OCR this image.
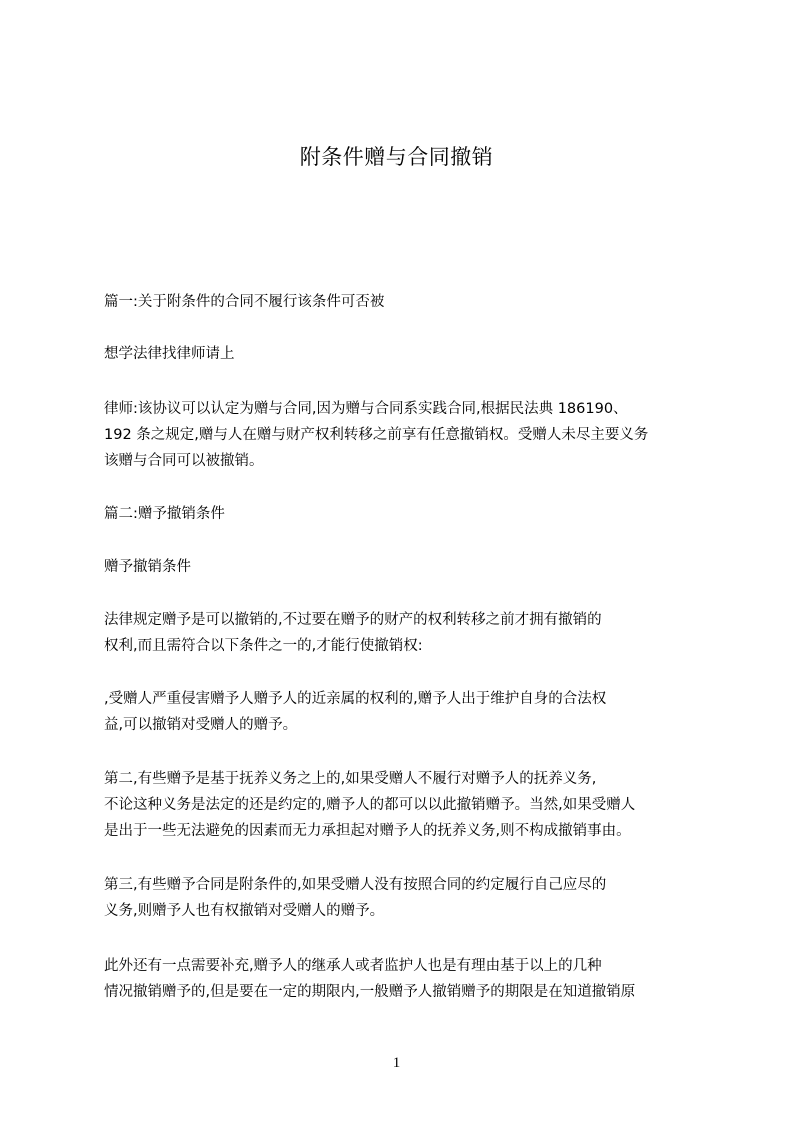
附条件赠与合同撤销
篇一:关于附条件的合同不履行该条件可否被
想学法律找律师请上
律师:该协议可以认定为赠与合同,因为赠与合同系实践合同,根据民法典 186190、
192 条之规定,赠与人在赠与财产权利转移之前享有任意撤销权。受赠人未尽主要义务
该赠与合同可以被撤销。
篇二:赠予撤销条件
赠予撤销条件
法律规定赠予是可以撤销的,不过要在赠予的财产的权利转移之前才拥有撤销的
权利,而且需符合以下条件之一的,才能行使撤销权:
,受赠人严重侵害赠予人赠予人的近亲属的权利的,赠予人出于维护自身的合法权
益,可以撤销对受赠人的赠予。
第二,有些赠予是基于抚养义务之上的,如果受赠人不履行对赠予人的抚养义务,
不论这种义务是法定的还是约定的,赠予人的都可以以此撤销赠予。当然,如果受赠人
是出于一些无法避免的因素而无力承担起对赠予人的抚养义务,则不构成撤销事由。
第三,有些赠予合同是附条件的,如果受赠人没有按照合同的约定履行自己应尽的
义务,则赠予人也有权撤销对受赠人的赠予。
此外还有一点需要补充,赠予人的继承人或者监护人也是有理由基于以上的几种
情况撤销赠予的,但是要在一定的期限内,一般赠予人撤销赠予的期限是在知道撤销原
1
